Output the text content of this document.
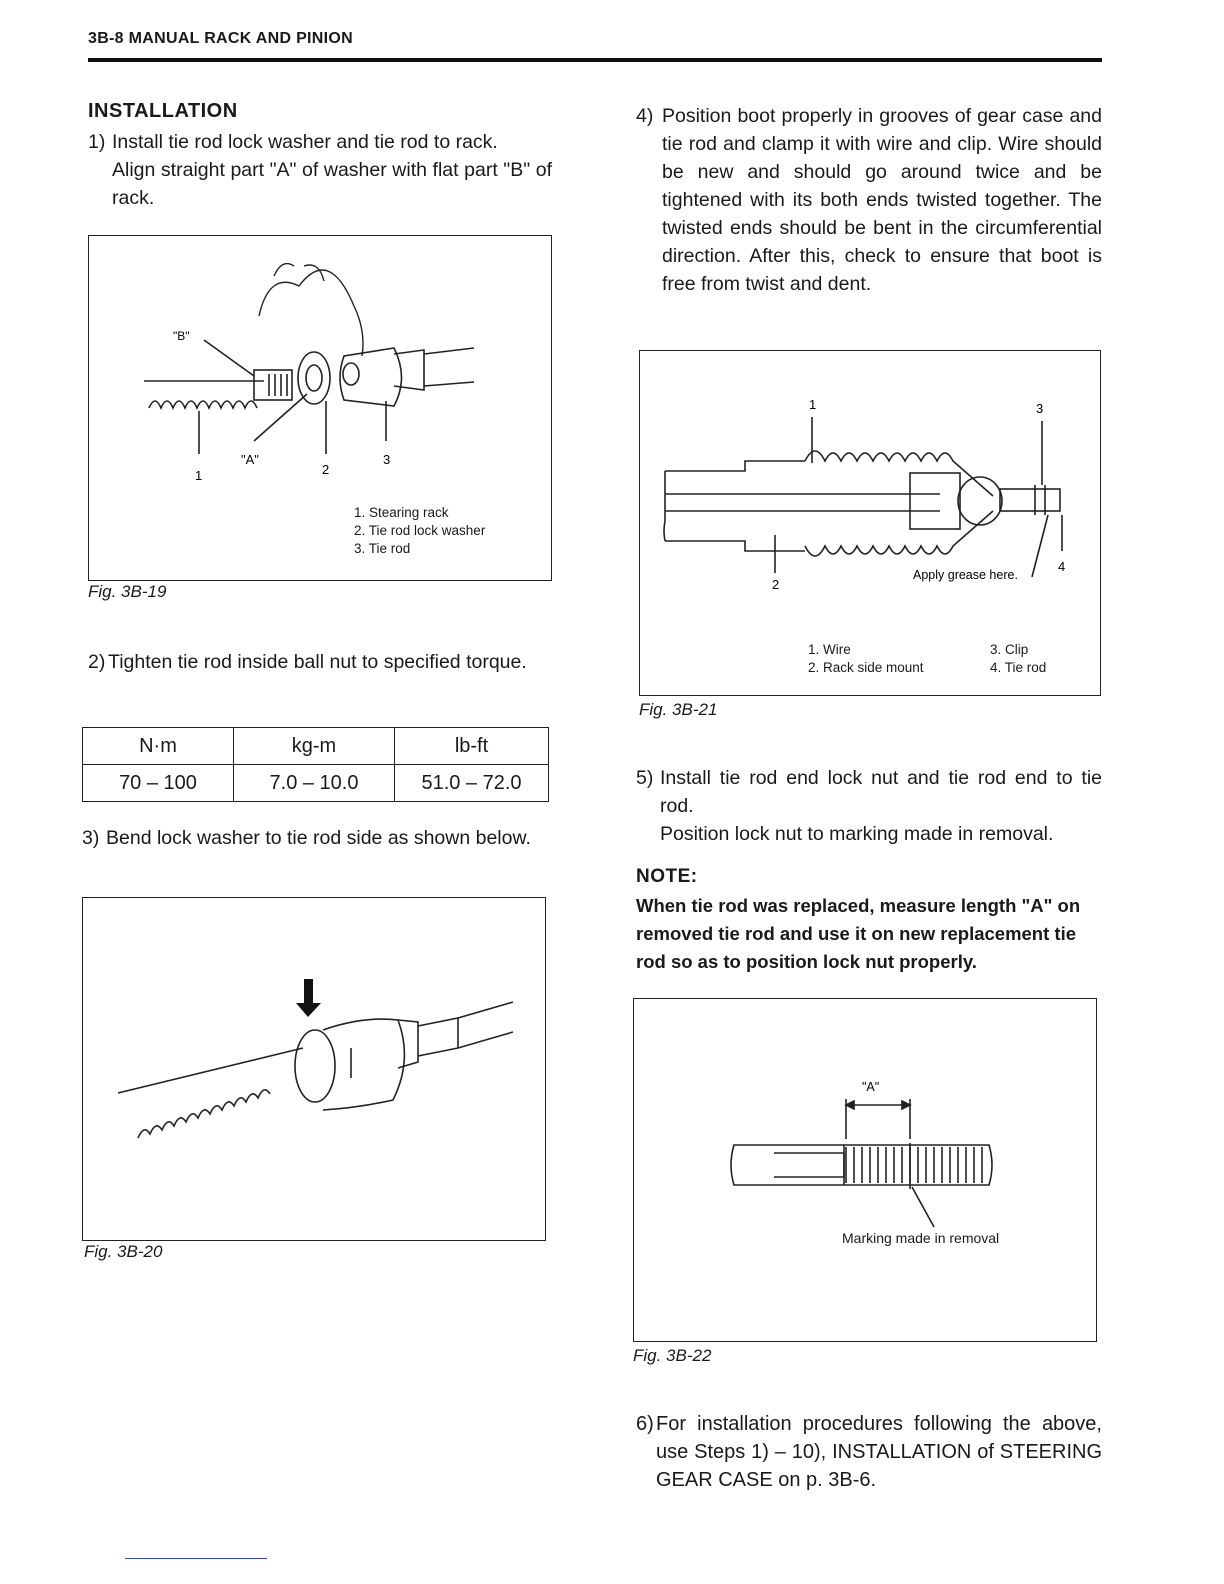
3B-8 MANUAL RACK AND PINION
INSTALLATION
1) Install tie rod lock washer and tie rod to rack.
Align straight part "A" of washer with flat part "B" of rack.
"B"
"A"
1	2
3
1. Stearing rack
2. Tie rod lock washer
3. Tie rod
Fig. 3B-19
2) Tighten tie rod inside ball nut to specified torque.
N·m	kg-m	lb-ft
70 – 100	7.0 – 10.0	51.0 – 72.0
3) Bend lock washer to tie rod side as shown below.
Fig. 3B-20
4) Position boot properly in grooves of gear case and tie rod and clamp it with wire and clip. Wire should be new and should go around twice and be tightened with its both ends twisted together. The twisted ends should be bent in the circumferential direction. After this, check to ensure that boot is free from twist and dent.
1	3
2
4
Apply grease here.
1. Wire
2. Rack side mount
3. Clip
4. Tie rod
Fig. 3B-21
5) Install tie rod end lock nut and tie rod end to tie rod.
Position lock nut to marking made in removal.
NOTE:
When tie rod was replaced, measure length "A" on removed tie rod and use it on new replacement tie rod so as to position lock nut properly.
"A"
Marking made in removal
Fig. 3B-22
6) For installation procedures following the above, use Steps 1) – 10), INSTALLATION of STEERING GEAR CASE on p. 3B-6.
